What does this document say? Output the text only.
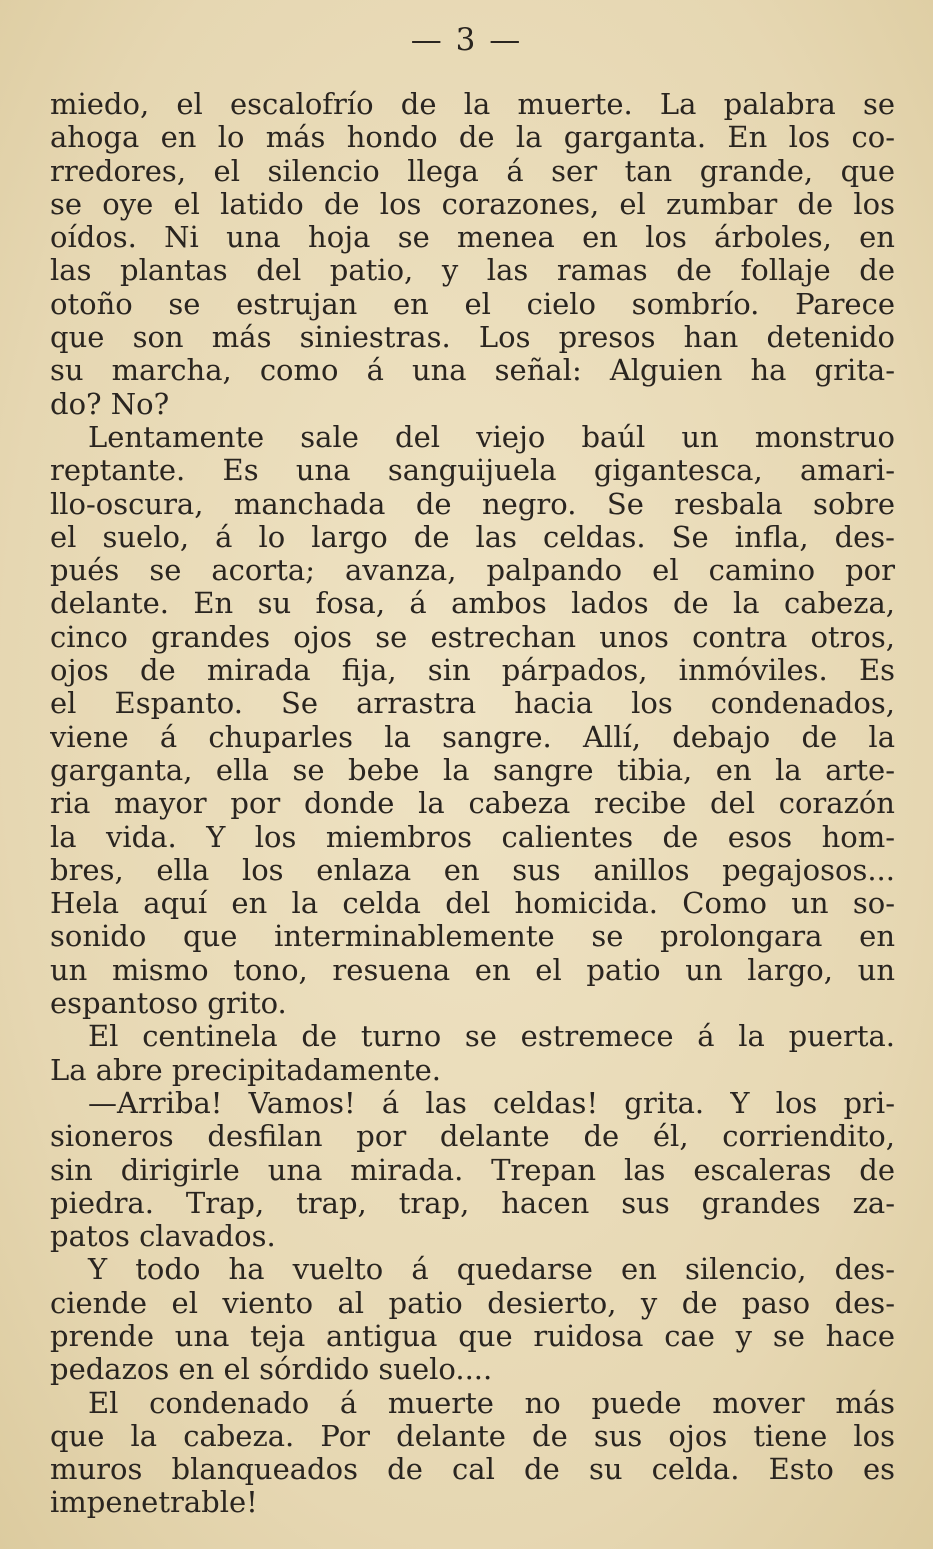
— 3 —
miedo, el escalofrío de la muerte. La palabra se
ahoga en lo más hondo de la garganta. En los co-
rredores, el silencio llega á ser tan grande, que
se oye el latido de los corazones, el zumbar de los
oídos. Ni una hoja se menea en los árboles, en
las plantas del patio, y las ramas de follaje de
otoño se estrujan en el cielo sombrío. Parece
que son más siniestras. Los presos han detenido
su marcha, como á una señal: Alguien ha grita-
do? No?
Lentamente sale del viejo baúl un monstruo
reptante. Es una sanguijuela gigantesca, amari-
llo-oscura, manchada de negro. Se resbala sobre
el suelo, á lo largo de las celdas. Se infla, des-
pués se acorta; avanza, palpando el camino por
delante. En su fosa, á ambos lados de la cabeza,
cinco grandes ojos se estrechan unos contra otros,
ojos de mirada fija, sin párpados, inmóviles. Es
el Espanto. Se arrastra hacia los condenados,
viene á chuparles la sangre. Allí, debajo de la
garganta, ella se bebe la sangre tibia, en la arte-
ria mayor por donde la cabeza recibe del corazón
la vida. Y los miembros calientes de esos hom-
bres, ella los enlaza en sus anillos pegajosos...
Hela aquí en la celda del homicida. Como un so-
sonido que interminablemente se prolongara en
un mismo tono, resuena en el patio un largo, un
espantoso grito.
El centinela de turno se estremece á la puerta.
La abre precipitadamente.
—Arriba! Vamos! á las celdas! grita. Y los pri-
sioneros desfilan por delante de él, corriendito,
sin dirigirle una mirada. Trepan las escaleras de
piedra. Trap, trap, trap, hacen sus grandes za-
patos clavados.
Y todo ha vuelto á quedarse en silencio, des-
ciende el viento al patio desierto, y de paso des-
prende una teja antigua que ruidosa cae y se hace
pedazos en el sórdido suelo....
El condenado á muerte no puede mover más
que la cabeza. Por delante de sus ojos tiene los
muros blanqueados de cal de su celda. Esto es
impenetrable!
